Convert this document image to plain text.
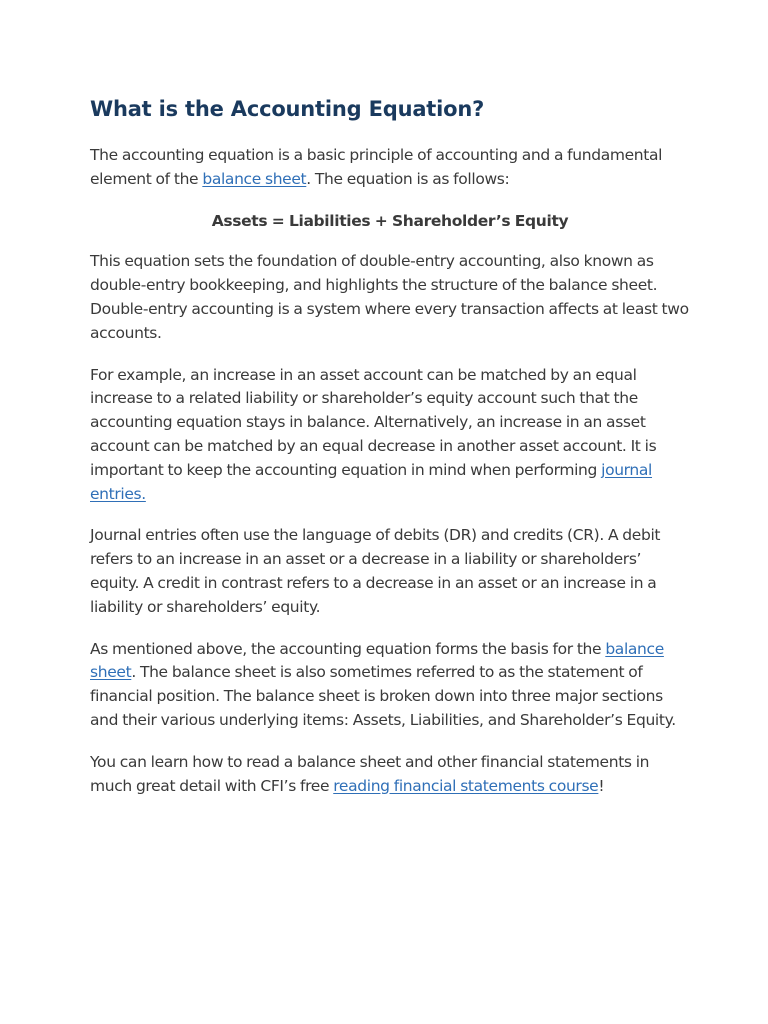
What is the Accounting Equation?

The accounting equation is a basic principle of accounting and a fundamental element of the balance sheet. The equation is as follows:

Assets = Liabilities + Shareholder’s Equity

This equation sets the foundation of double-entry accounting, also known as double-entry bookkeeping, and highlights the structure of the balance sheet. Double-entry accounting is a system where every transaction affects at least two accounts.

For example, an increase in an asset account can be matched by an equal increase to a related liability or shareholder’s equity account such that the accounting equation stays in balance. Alternatively, an increase in an asset account can be matched by an equal decrease in another asset account. It is important to keep the accounting equation in mind when performing journal entries.

Journal entries often use the language of debits (DR) and credits (CR). A debit refers to an increase in an asset or a decrease in a liability or shareholders’ equity. A credit in contrast refers to a decrease in an asset or an increase in a liability or shareholders’ equity.

As mentioned above, the accounting equation forms the basis for the balance sheet. The balance sheet is also sometimes referred to as the statement of financial position. The balance sheet is broken down into three major sections and their various underlying items: Assets, Liabilities, and Shareholder’s Equity.

You can learn how to read a balance sheet and other financial statements in much great detail with CFI’s free reading financial statements course!
